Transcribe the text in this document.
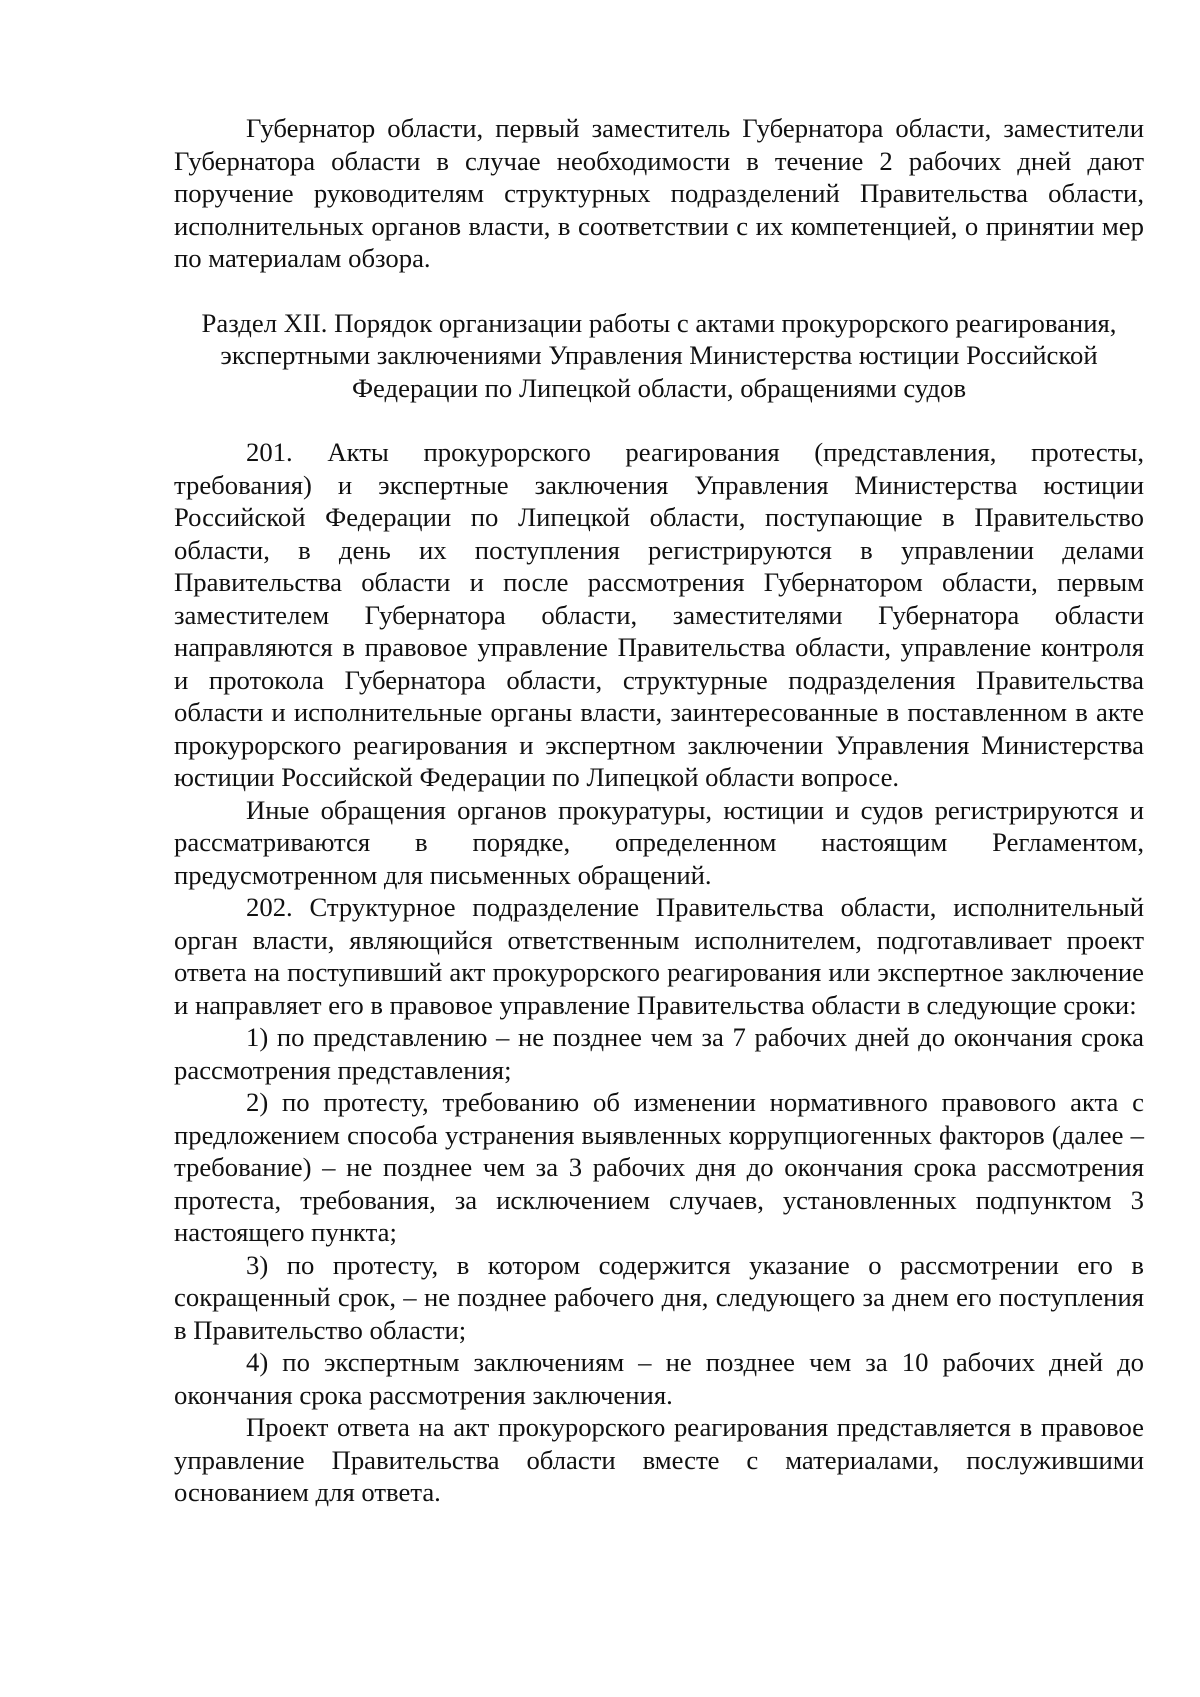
Губернатор области, первый заместитель Губернатора области, заместители Губернатора области в случае необходимости в течение 2 рабочих дней дают поручение руководителям структурных подразделений Правительства области, исполнительных органов власти, в соответствии с их компетенцией, о принятии мер по материалам обзора.

Раздел XII. Порядок организации работы с актами прокурорского реагирования, экспертными заключениями Управления Министерства юстиции Российской Федерации по Липецкой области, обращениями судов

201. Акты прокурорского реагирования (представления, протесты, требования) и экспертные заключения Управления Министерства юстиции Российской Федерации по Липецкой области, поступающие в Правительство области, в день их поступления регистрируются в управлении делами Правительства области и после рассмотрения Губернатором области, первым заместителем Губернатора области, заместителями Губернатора области направляются в правовое управление Правительства области, управление контроля и протокола Губернатора области, структурные подразделения Правительства области и исполнительные органы власти, заинтересованные в поставленном в акте прокурорского реагирования и экспертном заключении Управления Министерства юстиции Российской Федерации по Липецкой области вопросе.

Иные обращения органов прокуратуры, юстиции и судов регистрируются и рассматриваются в порядке, определенном настоящим Регламентом, предусмотренном для письменных обращений.

202. Структурное подразделение Правительства области, исполнительный орган власти, являющийся ответственным исполнителем, подготавливает проект ответа на поступивший акт прокурорского реагирования или экспертное заключение и направляет его в правовое управление Правительства области в следующие сроки:

1) по представлению – не позднее чем за 7 рабочих дней до окончания срока рассмотрения представления;

2) по протесту, требованию об изменении нормативного правового акта с предложением способа устранения выявленных коррупциогенных факторов (далее – требование) – не позднее чем за 3 рабочих дня до окончания срока рассмотрения протеста, требования, за исключением случаев, установленных подпунктом 3 настоящего пункта;

3) по протесту, в котором содержится указание о рассмотрении его в сокращенный срок, – не позднее рабочего дня, следующего за днем его поступления в Правительство области;

4) по экспертным заключениям – не позднее чем за 10 рабочих дней до окончания срока рассмотрения заключения.

Проект ответа на акт прокурорского реагирования представляется в правовое управление Правительства области вместе с материалами, послужившими основанием для ответа.
